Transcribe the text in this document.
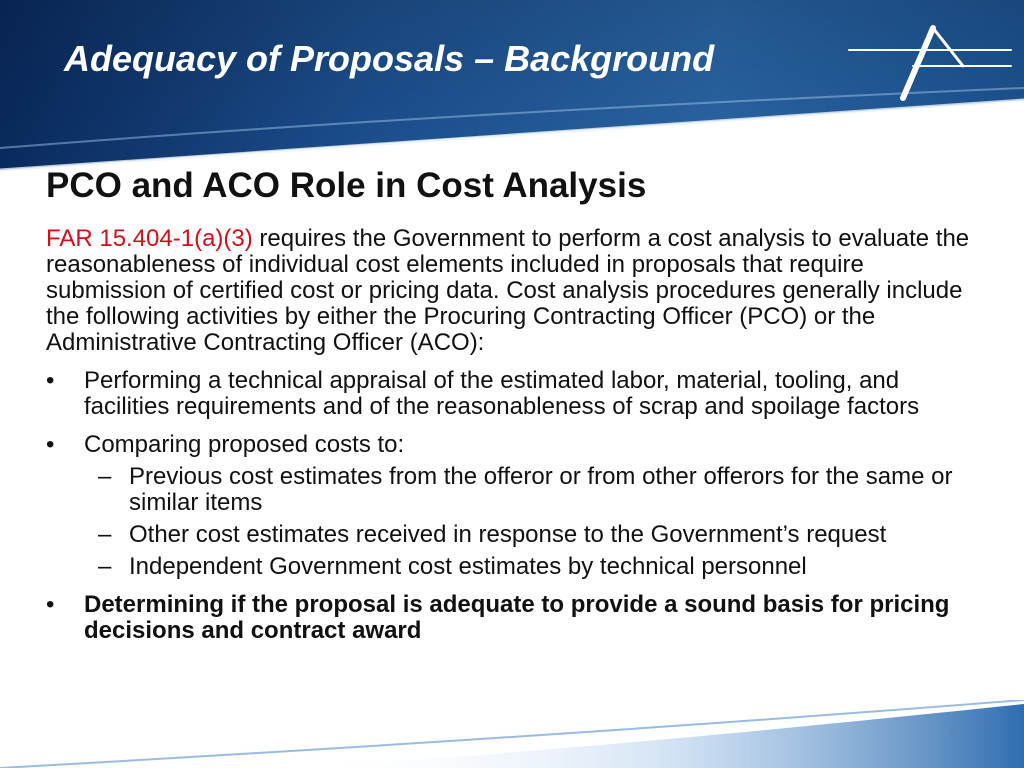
Adequacy of Proposals – Background
PCO and ACO Role in Cost Analysis

FAR 15.404-1(a)(3) requires the Government to perform a cost analysis to evaluate the reasonableness of individual cost elements included in proposals that require submission of certified cost or pricing data. Cost analysis procedures generally include the following activities by either the Procuring Contracting Officer (PCO) or the Administrative Contracting Officer (ACO):

• Performing a technical appraisal of the estimated labor, material, tooling, and facilities requirements and of the reasonableness of scrap and spoilage factors
• Comparing proposed costs to:
– Previous cost estimates from the offeror or from other offerors for the same or similar items
– Other cost estimates received in response to the Government’s request
– Independent Government cost estimates by technical personnel
• Determining if the proposal is adequate to provide a sound basis for pricing decisions and contract award
6
